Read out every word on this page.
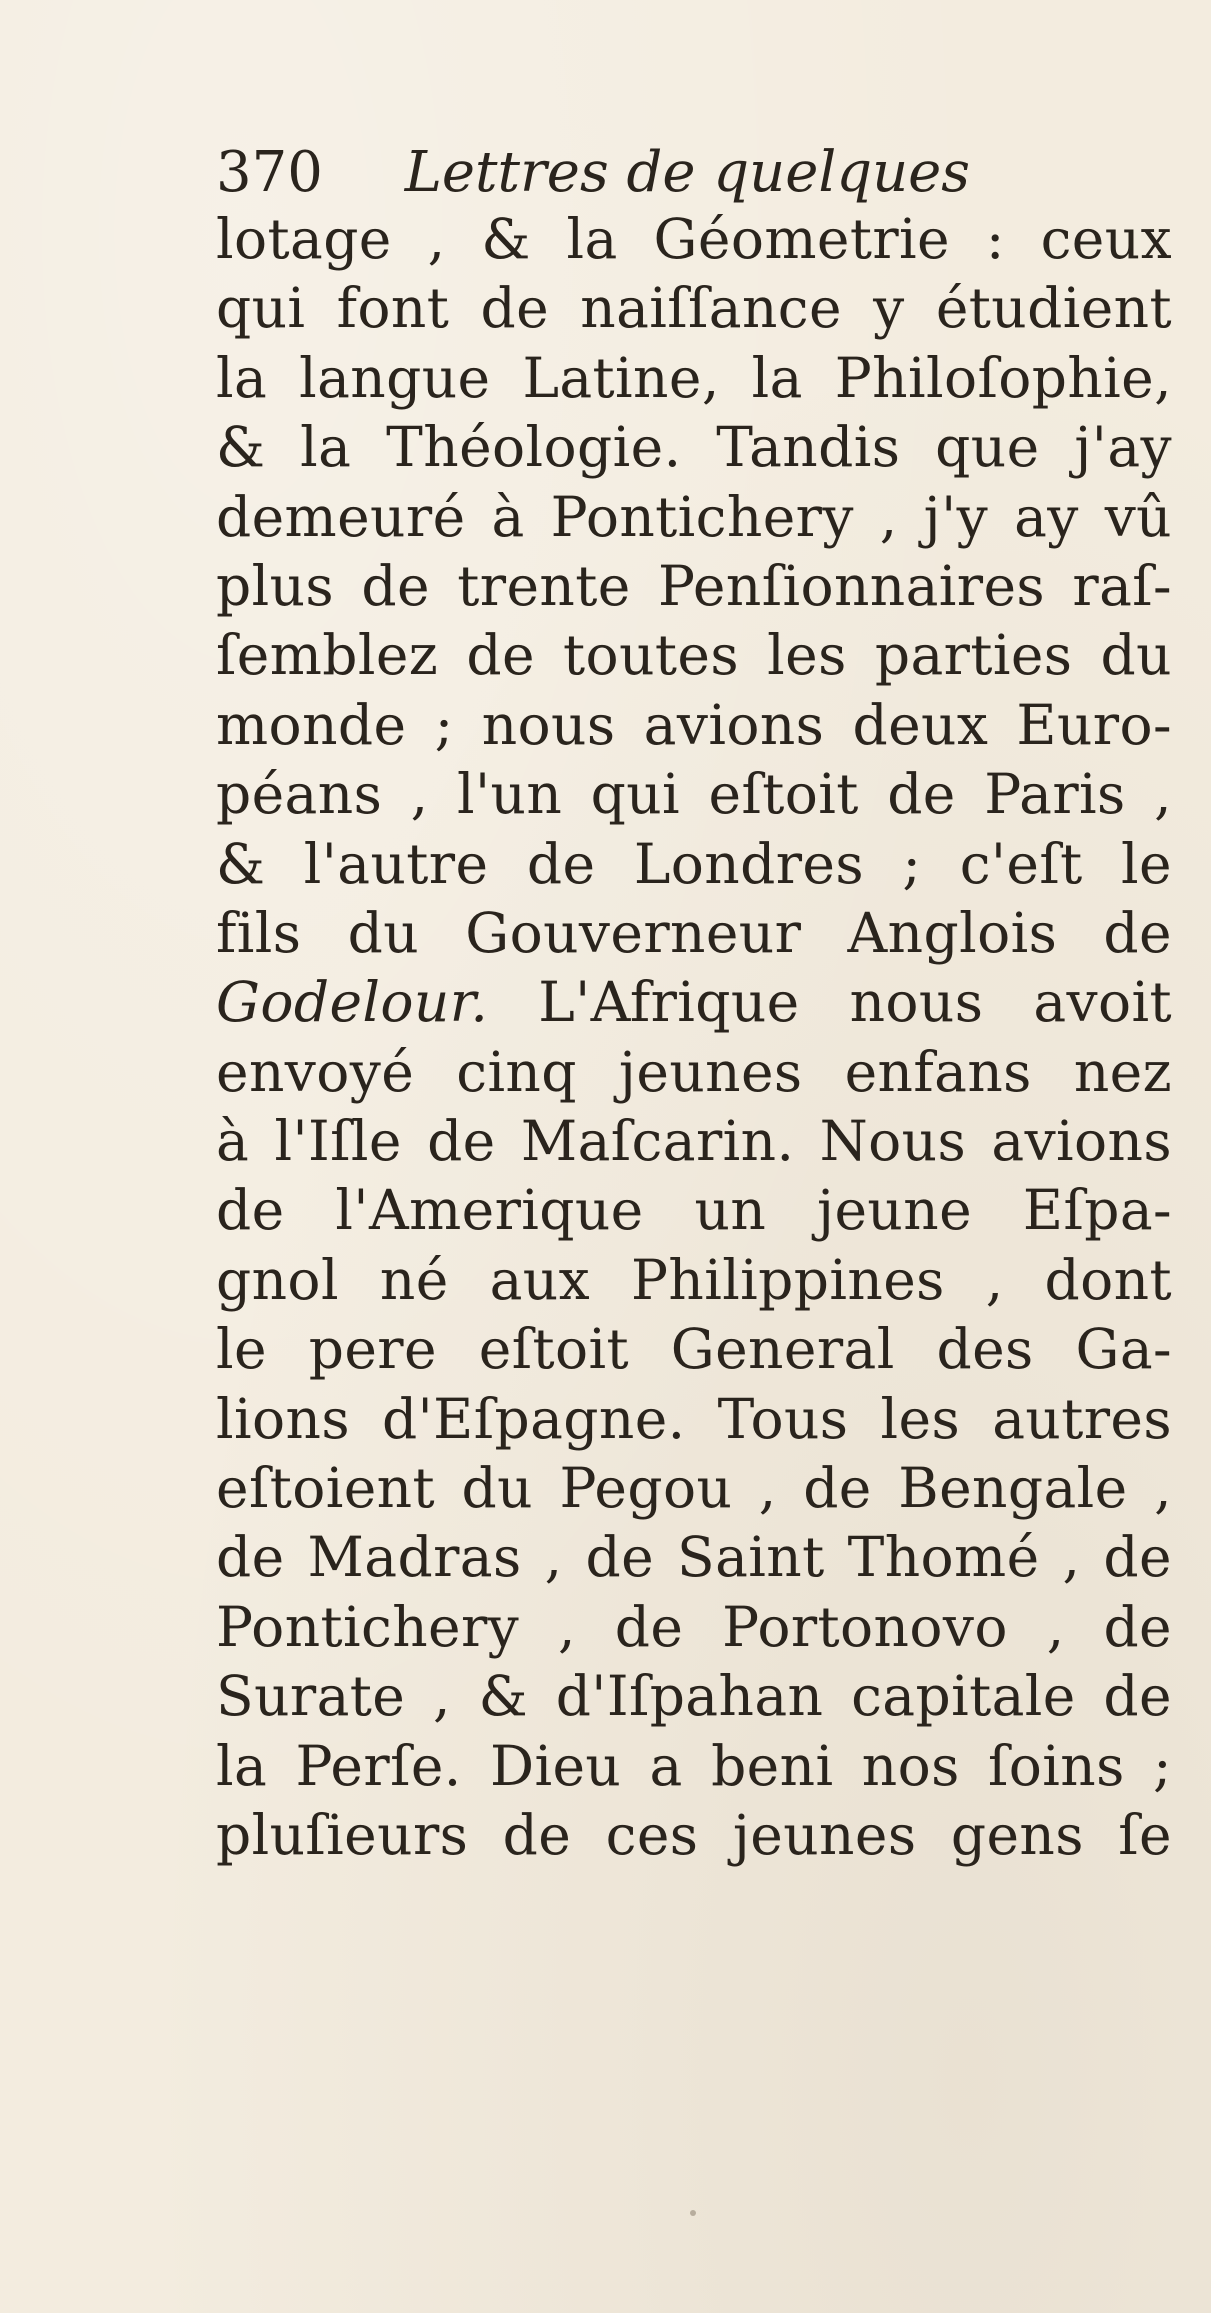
370 Lettres de quelques
lotage , & la Géometrie : ceux
qui font de naiſſance y étudient
la langue Latine, la Philoſophie,
& la Théologie. Tandis que j'ay
demeuré à Pontichery , j'y ay vû
plus de trente Penſionnaires raſ-
ſemblez de toutes les parties du
monde ; nous avions deux Euro-
péans , l'un qui eſtoit de Paris ,
& l'autre de Londres ; c'eſt le
fils du Gouverneur Anglois de
Godelour. L'Afrique nous avoit
envoyé cinq jeunes enfans nez
à l'Iſle de Maſcarin. Nous avions
de l'Amerique un jeune Eſpa-
gnol né aux Philippines , dont
le pere eſtoit General des Ga-
lions d'Eſpagne. Tous les autres
eſtoient du Pegou , de Bengale ,
de Madras , de Saint Thomé , de
Pontichery , de Portonovo , de
Surate , & d'Iſpahan capitale de
la Perſe. Dieu a beni nos ſoins ;
pluſieurs de ces jeunes gens ſe
